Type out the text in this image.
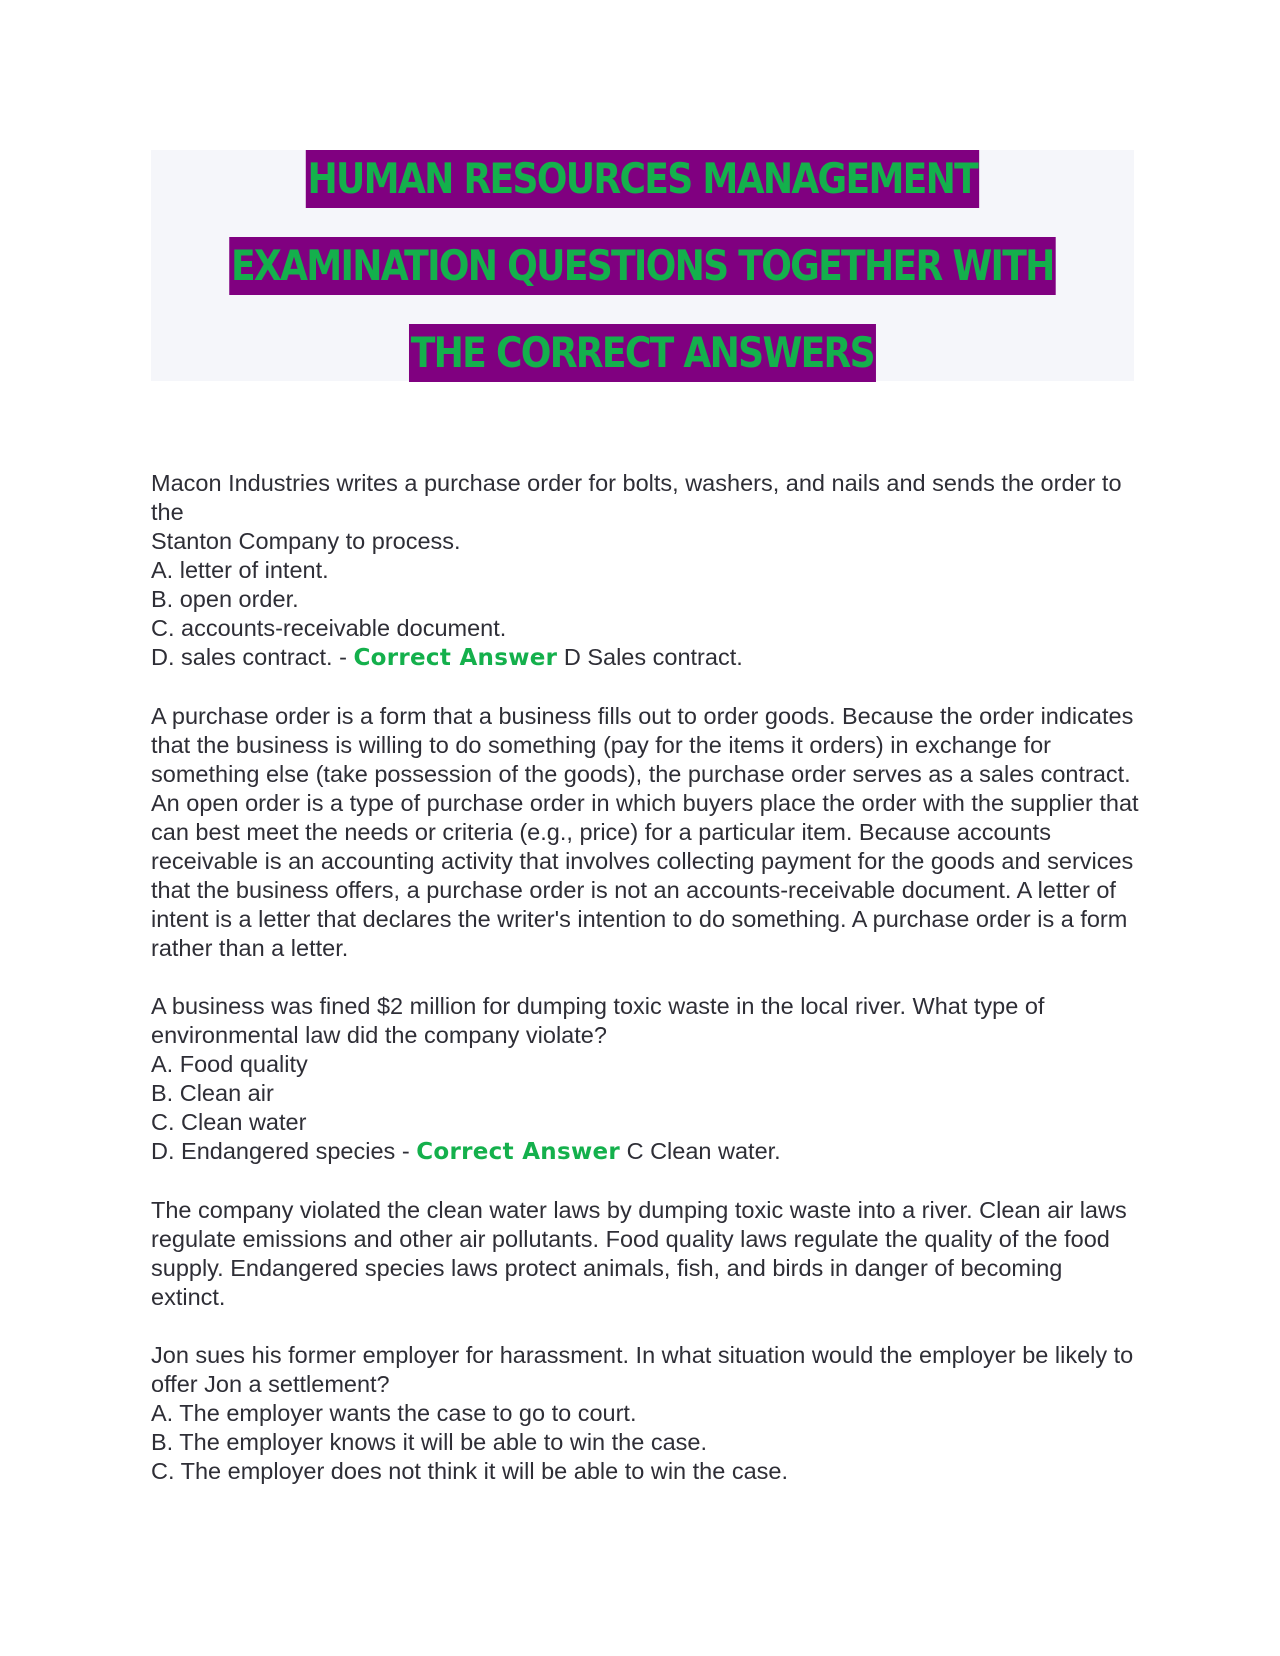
HUMAN RESOURCES MANAGEMENT
EXAMINATION QUESTIONS TOGETHER WITH
THE CORRECT ANSWERS

Macon Industries writes a purchase order for bolts, washers, and nails and sends the order to the

Stanton Company to process.

A. letter of intent.

B. open order.

C. accounts-receivable document.

D. sales contract. - Correct Answer D Sales contract.

A purchase order is a form that a business fills out to order goods. Because the order indicates that the business is willing to do something (pay for the items it orders) in exchange for something else (take possession of the goods), the purchase order serves as a sales contract. An open order is a type of purchase order in which buyers place the order with the supplier that can best meet the needs or criteria (e.g., price) for a particular item. Because accounts receivable is an accounting activity that involves collecting payment for the goods and services that the business offers, a purchase order is not an accounts-receivable document. A letter of intent is a letter that declares the writer's intention to do something. A purchase order is a form rather than a letter.

A business was fined $2 million for dumping toxic waste in the local river. What type of environmental law did the company violate?

A. Food quality

B. Clean air

C. Clean water

D. Endangered species - Correct Answer C Clean water.

The company violated the clean water laws by dumping toxic waste into a river. Clean air laws regulate emissions and other air pollutants. Food quality laws regulate the quality of the food supply. Endangered species laws protect animals, fish, and birds in danger of becoming extinct.

Jon sues his former employer for harassment. In what situation would the employer be likely to offer Jon a settlement?

A. The employer wants the case to go to court.

B. The employer knows it will be able to win the case.

C. The employer does not think it will be able to win the case.
